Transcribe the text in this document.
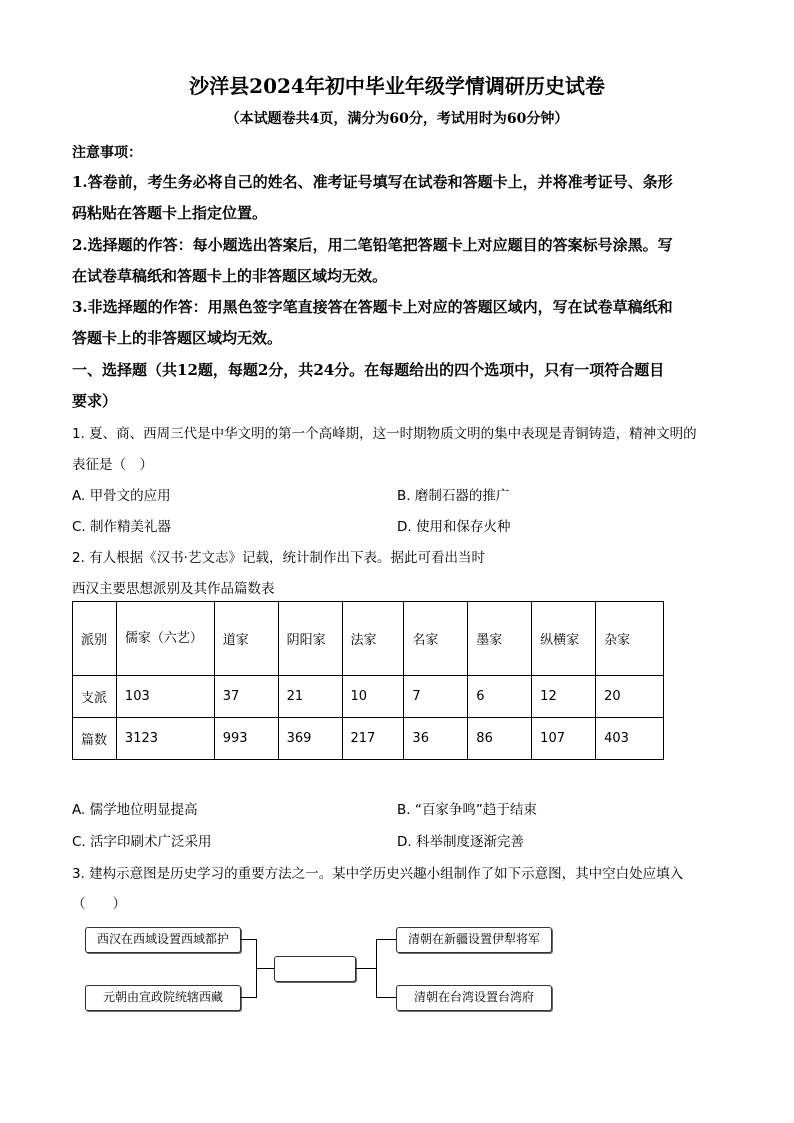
沙洋县2024年初中毕业年级学情调研历史试卷
（本试题卷共4页，满分为60分，考试用时为60分钟）
注意事项：
1.答卷前，考生务必将自己的姓名、准考证号填写在试卷和答题卡上，并将准考证号、条形
码粘贴在答题卡上指定位置。
2.选择题的作答：每小题选出答案后，用二笔铅笔把答题卡上对应题目的答案标号涂黑。写
在试卷草稿纸和答题卡上的非答题区域均无效。
3.非选择题的作答：用黑色签字笔直接答在答题卡上对应的答题区域内，写在试卷草稿纸和
答题卡上的非答题区域均无效。
一、选择题（共12题，每题2分，共24分。在每题给出的四个选项中，只有一项符合题目
要求）
1. 夏、商、西周三代是中华文明的第一个高峰期，这一时期物质文明的集中表现是青铜铸造，精神文明的
表征是（　）
A. 甲骨文的应用	B. 磨制石器的推广
C. 制作精美礼器	D. 使用和保存火种
2. 有人根据《汉书·艺文志》记载，统计制作出下表。据此可看出当时
西汉主要思想派别及其作品篇数表
派别	儒家（六艺）	道家	阴阳家	法家	名家	墨家	纵横家	杂家
支派	103	37	21	10	7	6	12	20
篇数	3123	993	369	217	36	86	107	403
A. 儒学地位明显提高	B. “百家争鸣”趋于结束
C. 活字印刷术广泛采用	D. 科举制度逐渐完善
3. 建构示意图是历史学习的重要方法之一。某中学历史兴趣小组制作了如下示意图，其中空白处应填入
（　　）
西汉在西域设置西域都护
元朝由宣政院统辖西藏
清朝在新疆设置伊犁将军
清朝在台湾设置台湾府
